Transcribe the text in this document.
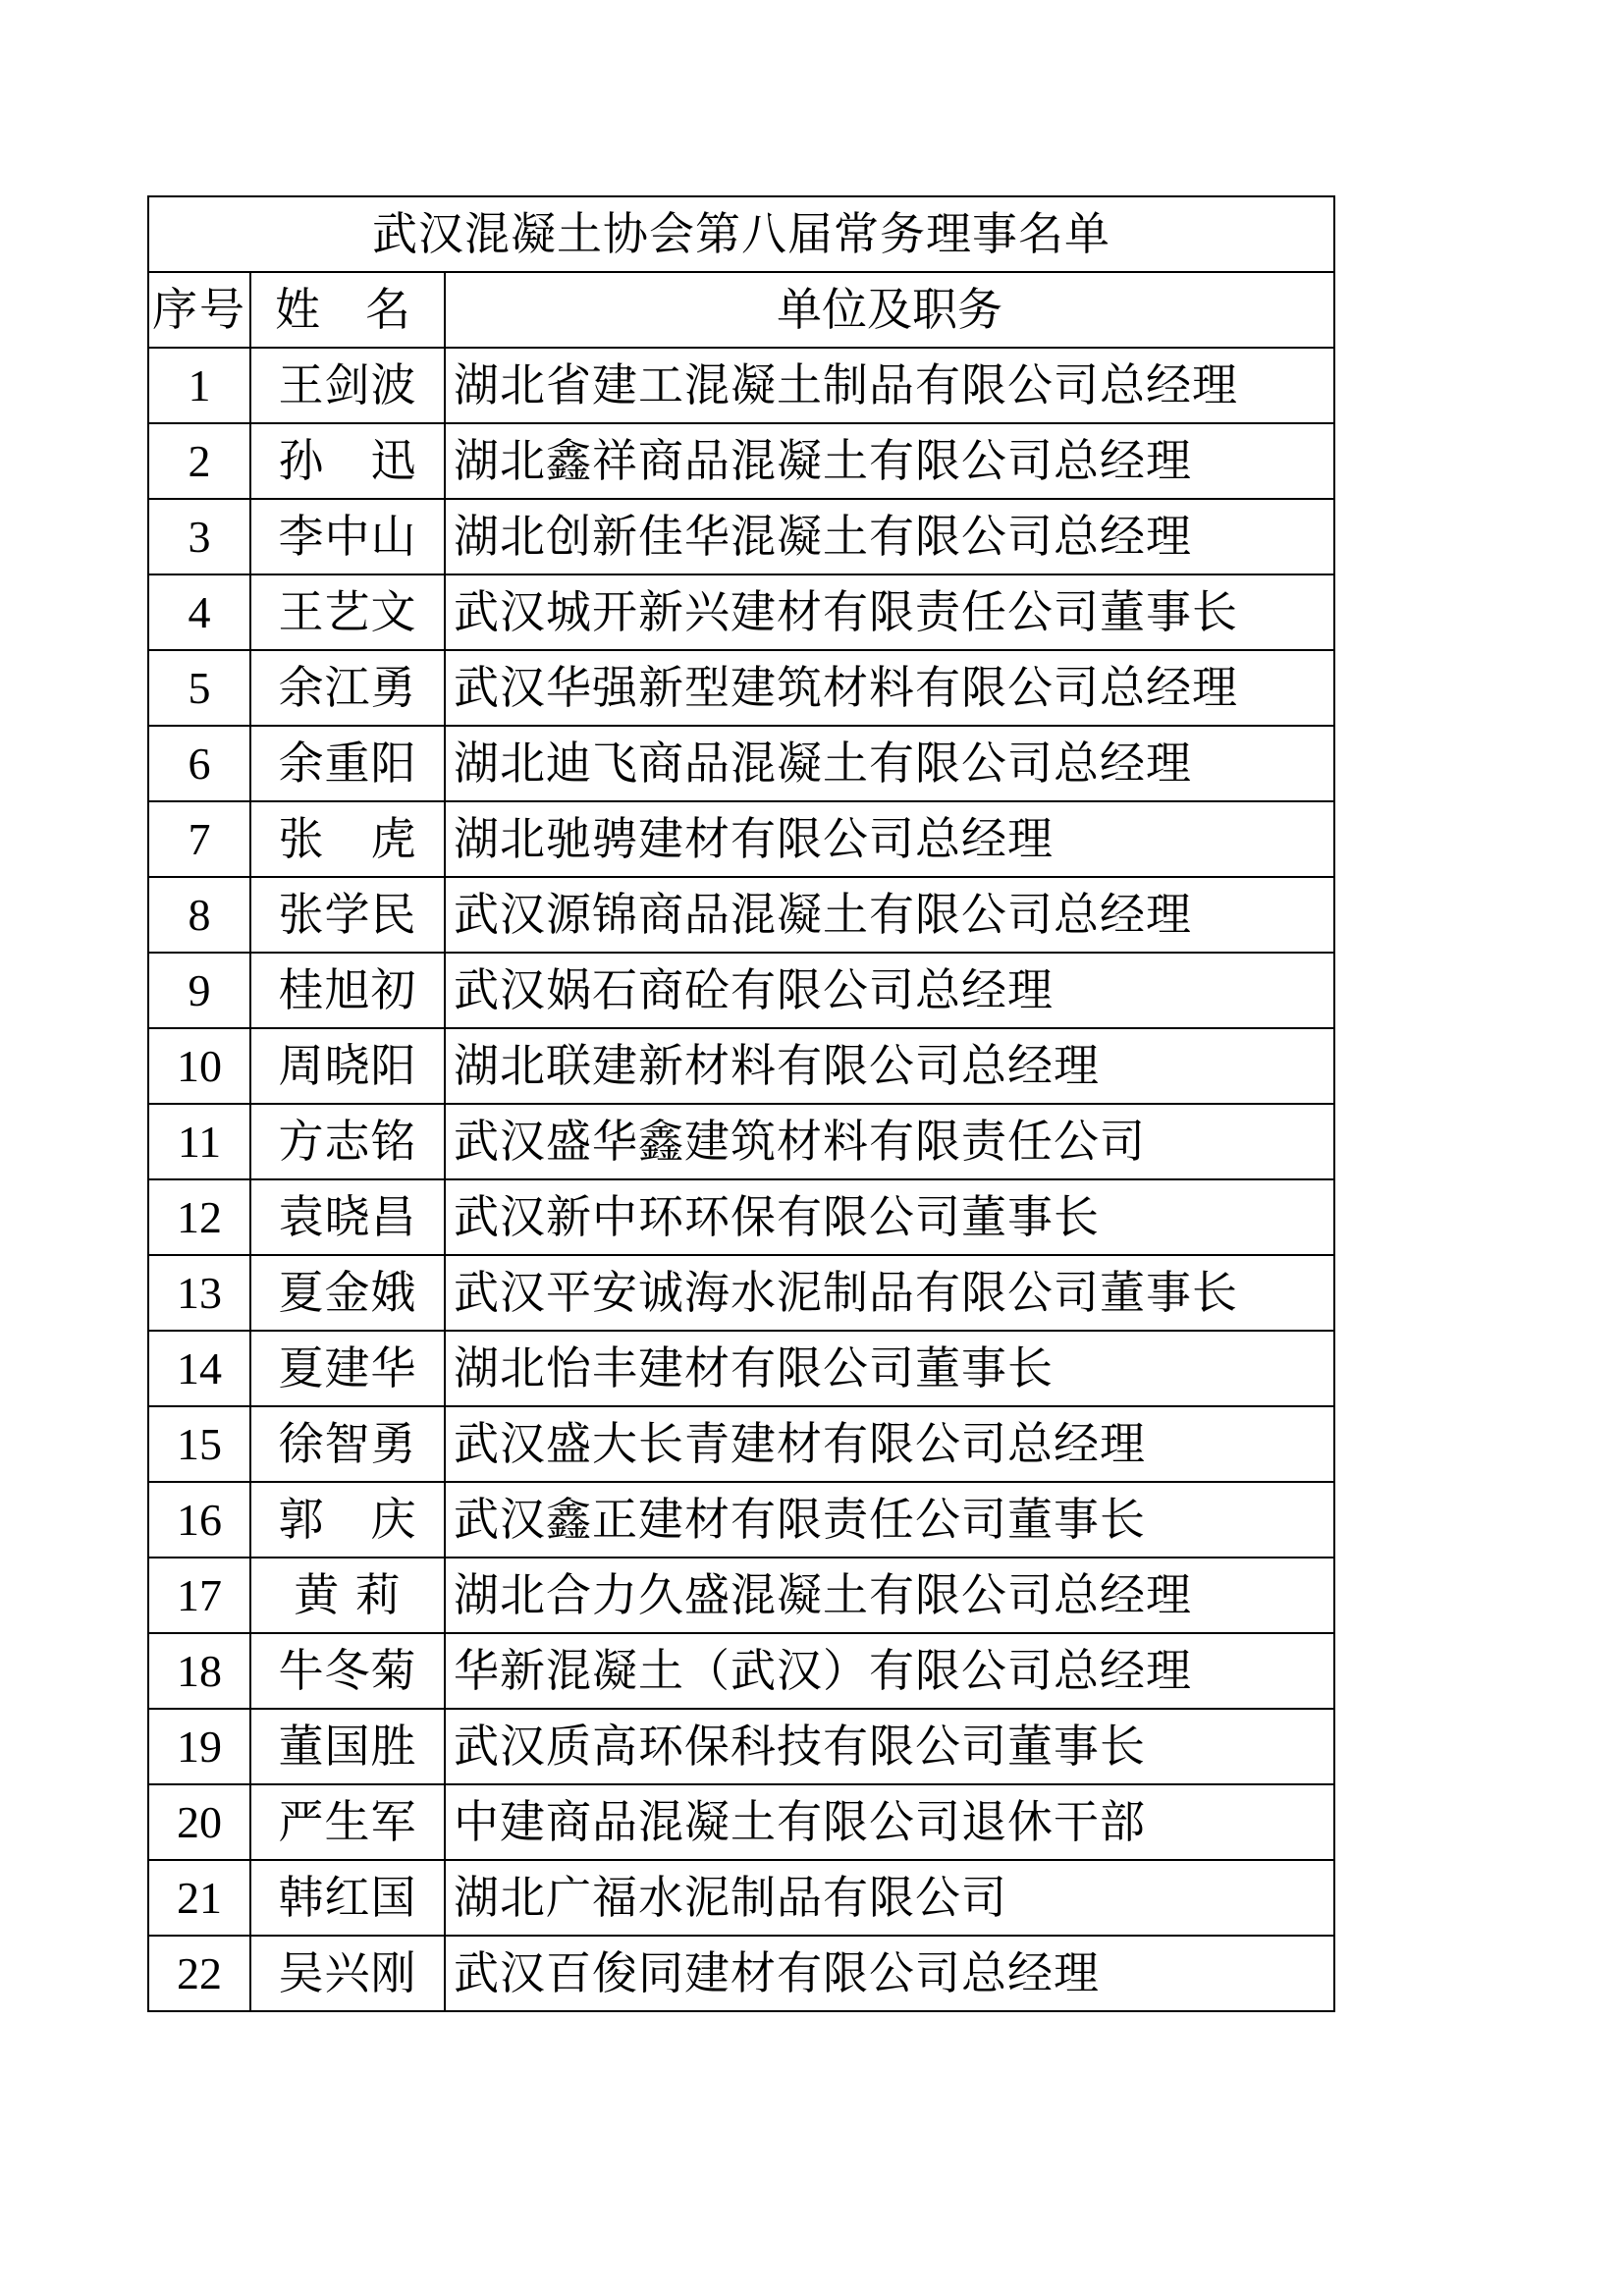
武汉混凝土协会第八届常务理事名单		
序号	姓　名	单位及职务
1	王剑波	湖北省建工混凝土制品有限公司总经理
2	孙　迅	湖北鑫祥商品混凝土有限公司总经理
3	李中山	湖北创新佳华混凝土有限公司总经理
4	王艺文	武汉城开新兴建材有限责任公司董事长
5	余江勇	武汉华强新型建筑材料有限公司总经理
6	余重阳	湖北迪飞商品混凝土有限公司总经理
7	张　虎	湖北驰骋建材有限公司总经理
8	张学民	武汉源锦商品混凝土有限公司总经理
9	桂旭初	武汉娲石商砼有限公司总经理
10	周晓阳	湖北联建新材料有限公司总经理
11	方志铭	武汉盛华鑫建筑材料有限责任公司
12	袁晓昌	武汉新中环环保有限公司董事长
13	夏金娥	武汉平安诚海水泥制品有限公司董事长
14	夏建华	湖北怡丰建材有限公司董事长
15	徐智勇	武汉盛大长青建材有限公司总经理
16	郭　庆	武汉鑫正建材有限责任公司董事长
17	黄 莉	湖北合力久盛混凝土有限公司总经理
18	牛冬菊	华新混凝土（武汉）有限公司总经理
19	董国胜	武汉质高环保科技有限公司董事长
20	严生军	中建商品混凝土有限公司退休干部
21	韩红国	湖北广福水泥制品有限公司
22	吴兴刚	武汉百俊同建材有限公司总经理
